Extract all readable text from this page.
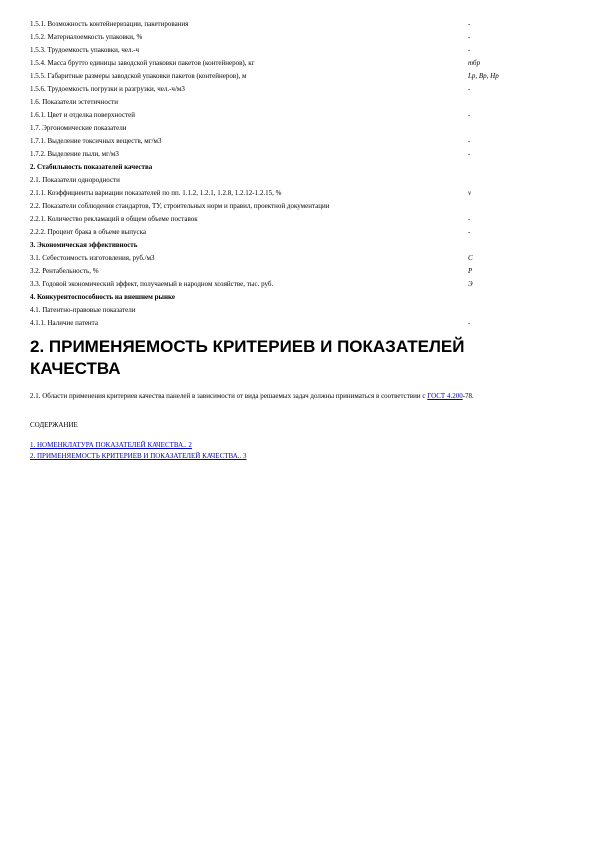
1.5.1. Возможность контейнеризации, пакетирования	-
1.5.2. Материалоемкость упаковки, %	-
1.5.3. Трудоемкость упаковки, чел.-ч	-
1.5.4. Масса брутто единицы заводской упаковки пакетов (контейнеров), кг	mбр
1.5.5. Габаритные размеры заводской упаковки пакетов (контейнеров), м	Lp, Bp, Hp
1.5.6. Трудоемкость погрузки и разгрузки, чел.-ч/м3	-
1.6. Показатели эстетичности
1.6.1. Цвет и отделка поверхностей	-
1.7. Эргономические показатели
1.7.1. Выделение токсичных веществ, мг/м3	-
1.7.2. Выделение пыли, мг/м3	-
2. Стабильность показателей качества
2.1. Показатели однородности
2.1.1. Коэффициенты вариации показателей по пп. 1.1.2, 1.2.1, 1.2.8, 1.2.12-1.2.15, %	v
2.2. Показатели соблюдения стандартов, ТУ, строительных норм и правил, проектной документации
2.2.1. Количество рекламаций в общем объеме поставок	-
2.2.2. Процент брака в объеме выпуска	-
3. Экономическая эффективность
3.1. Себестоимость изготовления, руб./м3	C
3.2. Рентабельность, %	P
3.3. Годовой экономический эффект, получаемый в народном хозяйстве, тыс. руб.	Э
4. Конкурентоспособность на внешнем рынке
4.1. Патентно-правовые показатели
4.1.1. Наличие патента	-
2. ПРИМЕНЯЕМОСТЬ КРИТЕРИЕВ И ПОКАЗАТЕЛЕЙ КАЧЕСТВА
2.1. Области применения критериев качества панелей в зависимости от вида решаемых задач должны приниматься в соответствии с ГОСТ 4.200-78.
СОДЕРЖАНИЕ
1. НОМЕНКЛАТУРА ПОКАЗАТЕЛЕЙ КАЧЕСТВА.. 2
2. ПРИМЕНЯЕМОСТЬ КРИТЕРИЕВ И ПОКАЗАТЕЛЕЙ КАЧЕСТВА.. 3
